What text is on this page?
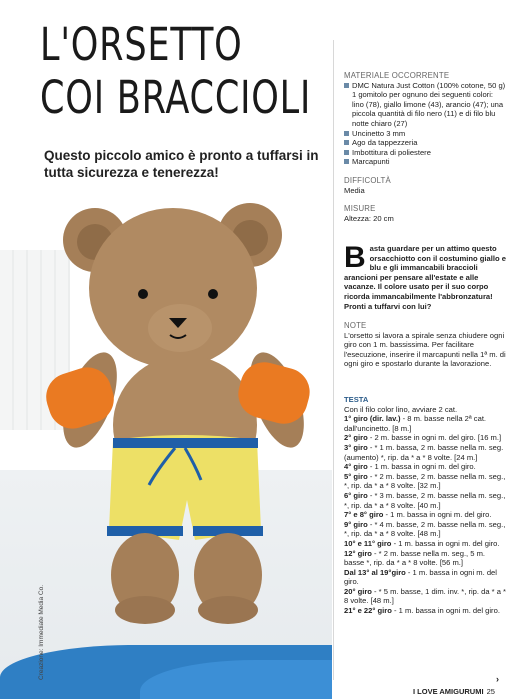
L'ORSETTO
COI BRACCIOLI
Questo piccolo amico è pronto a tuffarsi in tutta sicurezza e tenerezza!
Creazione: Immediate Media Co.
MATERIALE OCCORRENTE
DMC Natura Just Cotton (100% cotone, 50 g) 1 gomitolo per ognuno dei seguenti colori: lino (78), giallo limone (43), arancio (47); una piccola quantità di filo nero (11) e di filo blu notte chiaro (27)
Uncinetto 3 mm
Ago da tappezzeria
Imbottitura di poliestere
Marcapunti
DIFFICOLTÀ
Media
MISURE
Altezza: 20 cm
Basta guardare per un attimo questo orsacchiotto con il costumino giallo e blu e gli immancabili braccioli arancioni per pensare all'estate e alle vacanze. Il colore usato per il suo corpo ricorda immancabilmente l'abbronzatura! Pronti a tuffarvi con lui?
NOTE
L'orsetto si lavora a spirale senza chiudere ogni giro con 1 m. bassissima. Per facilitare l'esecuzione, inserire il marcapunti nella 1ª m. di ogni giro e spostarlo durante la lavorazione.
TESTA
Con il filo color lino, avviare 2 cat.
1° giro (dir. lav.) - 8 m. basse nella 2ª cat. dall'uncinetto. [8 m.]
2° giro - 2 m. basse in ogni m. del giro. [16 m.]
3° giro - * 1 m. bassa, 2 m. basse nella m. seg. (aumento) *, rip. da * a * 8 volte. [24 m.]
4° giro - 1 m. bassa in ogni m. del giro.
5° giro - * 2 m. basse, 2 m. basse nella m. seg., *, rip. da * a * 8 volte. [32 m.]
6° giro - * 3 m. basse, 2 m. basse nella m. seg., *, rip. da * a * 8 volte. [40 m.]
7° e 8° giro - 1 m. bassa in ogni m. del giro.
9° giro - * 4 m. basse, 2 m. basse nella m. seg., *, rip. da * a * 8 volte. [48 m.]
10° e 11° giro - 1 m. bassa in ogni m. del giro.
12° giro - * 2 m. basse nella m. seg., 5 m. basse *, rip. da * a * 8 volte. [56 m.]
Dal 13° al 19°giro - 1 m. bassa in ogni m. del giro.
20° giro - * 5 m. basse, 1 dim. inv. *, rip. da * a * 8 volte. [48 m.]
21° e 22° giro - 1 m. bassa in ogni m. del giro.
›
I LOVE AMIGURUMI 25
